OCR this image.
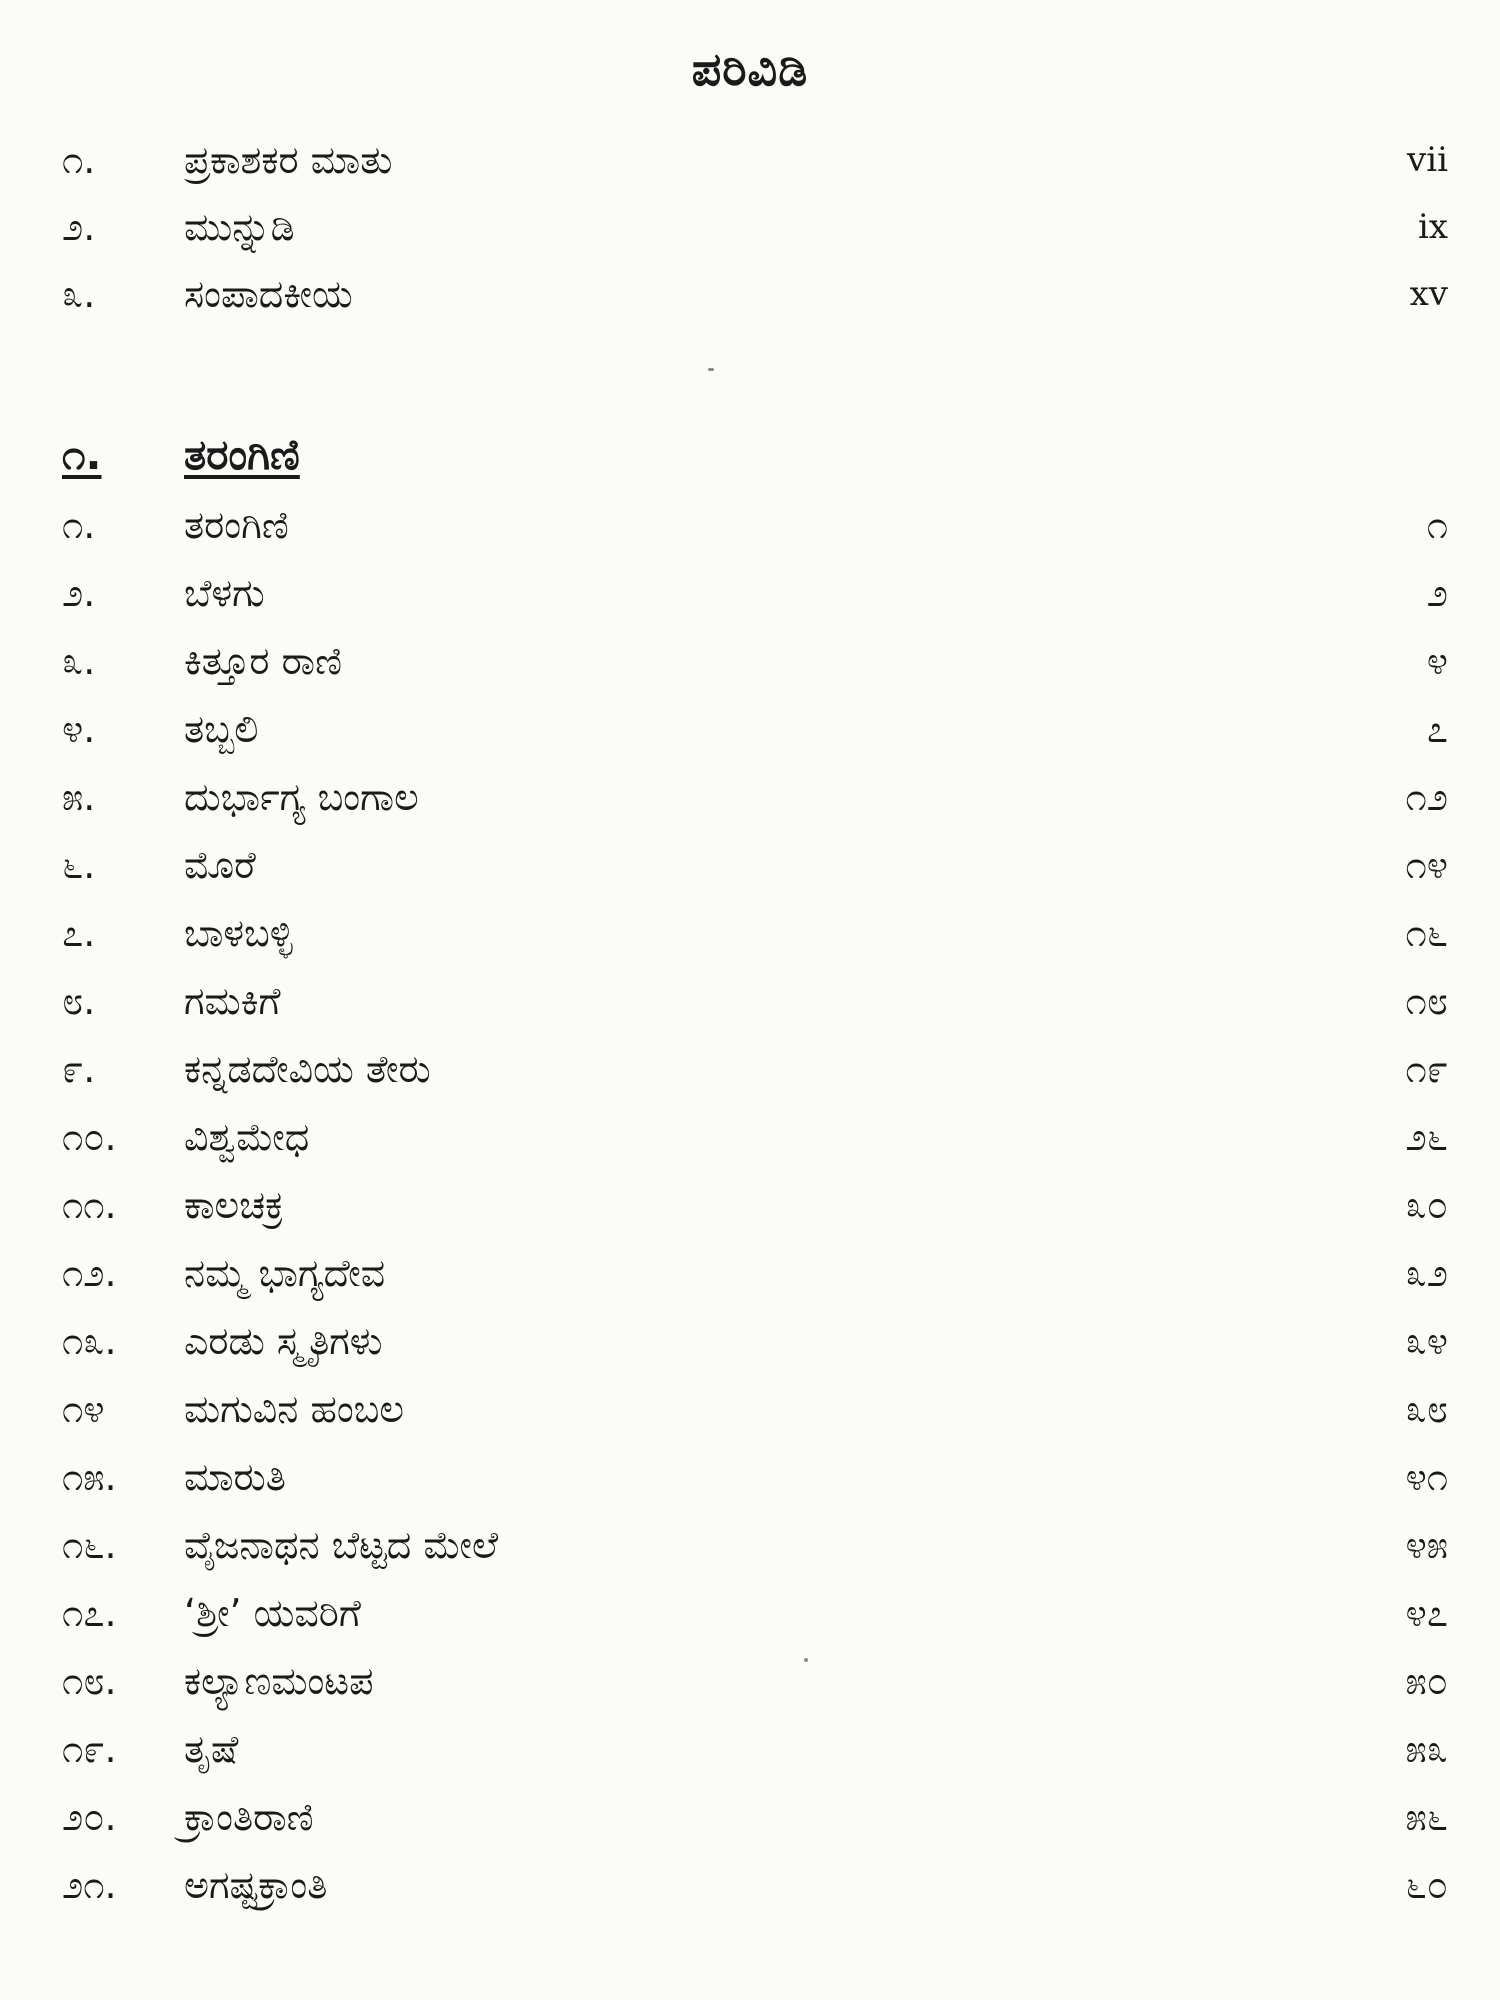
ಪರಿವಿಡಿ
೧. ಪ್ರಕಾಶಕರ ಮಾತು	vii
೨. ಮುನ್ನುಡಿ	ix
೩. ಸಂಪಾದಕೀಯ	xv
೧. ತರಂಗಿಣಿ
೧. ತರಂಗಿಣಿ	೧
೨. ಬೆಳಗು	೨
೩. ಕಿತ್ತೂರ ರಾಣಿ	೪
೪. ತಬ್ಬಲಿ	೭
೫. ದುರ್ಭಾಗ್ಯ ಬಂಗಾಲ	೧೨
೬. ಮೊರೆ	೧೪
೭. ಬಾಳಬಳ್ಳಿ	೧೬
೮. ಗಮಕಿಗೆ	೧೮
೯. ಕನ್ನಡದೇವಿಯ ತೇರು	೧೯
೧೦. ವಿಶ್ವಮೇಧ	೨೬
೧೧. ಕಾಲಚಕ್ರ	೩೦
೧೨. ನಮ್ಮ ಭಾಗ್ಯದೇವ	೩೨
೧೩. ಎರಡು ಸ್ಮೃತಿಗಳು	೩೪
೧೪ ಮಗುವಿನ ಹಂಬಲ	೩೮
೧೫. ಮಾರುತಿ	೪೧
೧೬. ವೈಜನಾಥನ ಬೆಟ್ಟದ ಮೇಲೆ	೪೫
೧೭. ‘ಶ್ರೀ’ ಯವರಿಗೆ	೪೭
೧೮. ಕಲ್ಯಾಣಮಂಟಪ	೫೦
೧೯. ತೃಷೆ	೫೩
೨೦. ಕ್ರಾಂತಿರಾಣಿ	೫೬
೨೧. ಅಗಷ್ಟಕ್ರಾಂತಿ	೬೦
